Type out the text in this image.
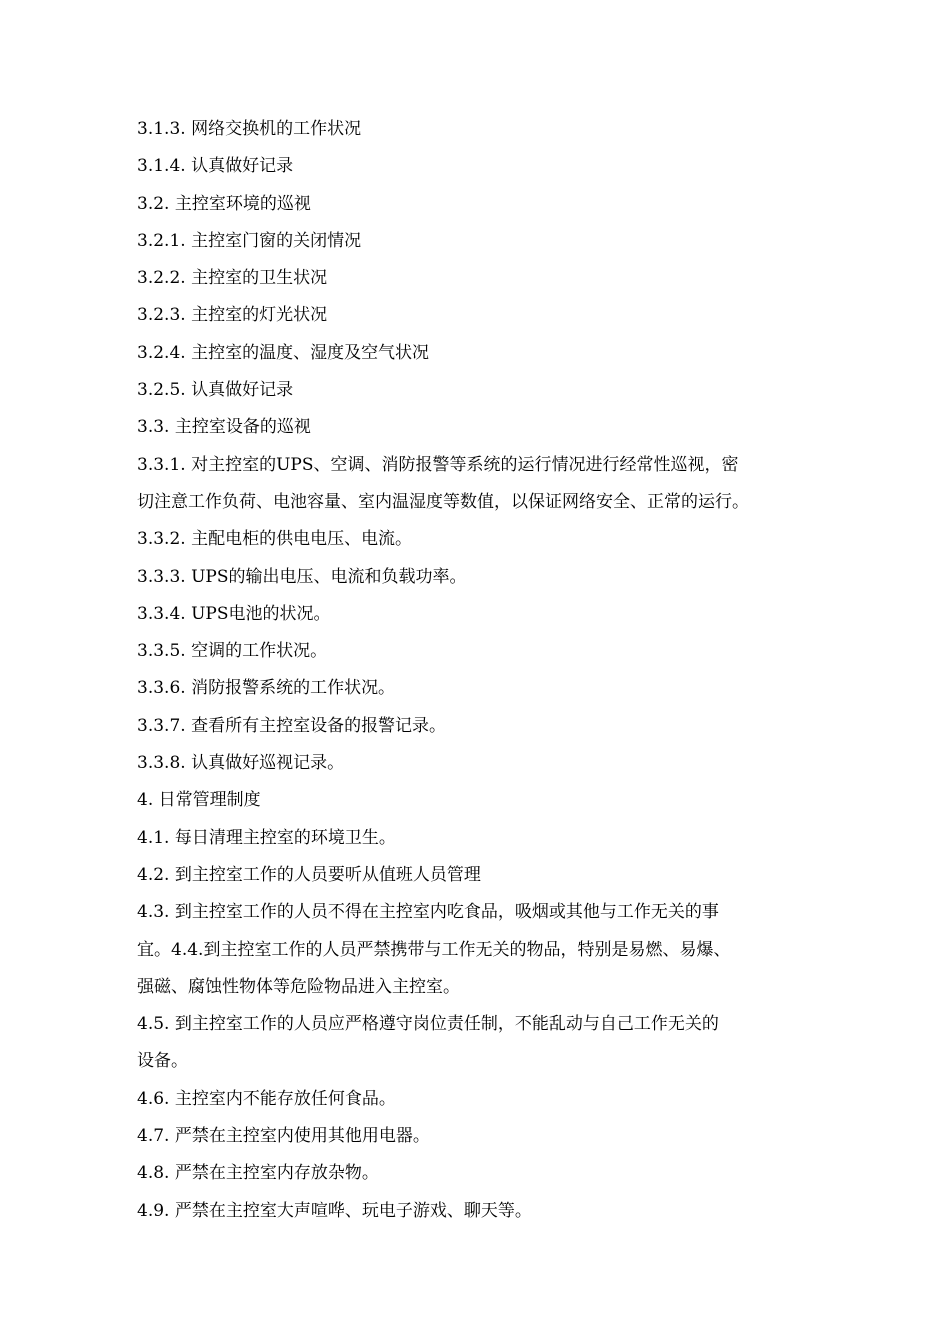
3.1.3. 网络交换机的工作状况
3.1.4. 认真做好记录
3.2. 主控室环境的巡视
3.2.1. 主控室门窗的关闭情况
3.2.2. 主控室的卫生状况
3.2.3. 主控室的灯光状况
3.2.4. 主控室的温度、湿度及空气状况
3.2.5. 认真做好记录
3.3. 主控室设备的巡视
3.3.1. 对主控室的UPS、空调、消防报警等系统的运行情况进行经常性巡视，密
切注意工作负荷、电池容量、室内温湿度等数值，以保证网络安全、正常的运行。
3.3.2. 主配电柜的供电电压、电流。
3.3.3. UPS的输出电压、电流和负载功率。
3.3.4. UPS电池的状况。
3.3.5. 空调的工作状况。
3.3.6. 消防报警系统的工作状况。
3.3.7. 查看所有主控室设备的报警记录。
3.3.8. 认真做好巡视记录。
4. 日常管理制度
4.1. 每日清理主控室的环境卫生。
4.2. 到主控室工作的人员要听从值班人员管理
4.3. 到主控室工作的人员不得在主控室内吃食品，吸烟或其他与工作无关的事
宜。4.4.到主控室工作的人员严禁携带与工作无关的物品，特别是易燃、易爆、
强磁、腐蚀性物体等危险物品进入主控室。
4.5. 到主控室工作的人员应严格遵守岗位责任制，不能乱动与自己工作无关的
设备。
4.6. 主控室内不能存放任何食品。
4.7. 严禁在主控室内使用其他用电器。
4.8. 严禁在主控室内存放杂物。
4.9. 严禁在主控室大声喧哗、玩电子游戏、聊天等。
